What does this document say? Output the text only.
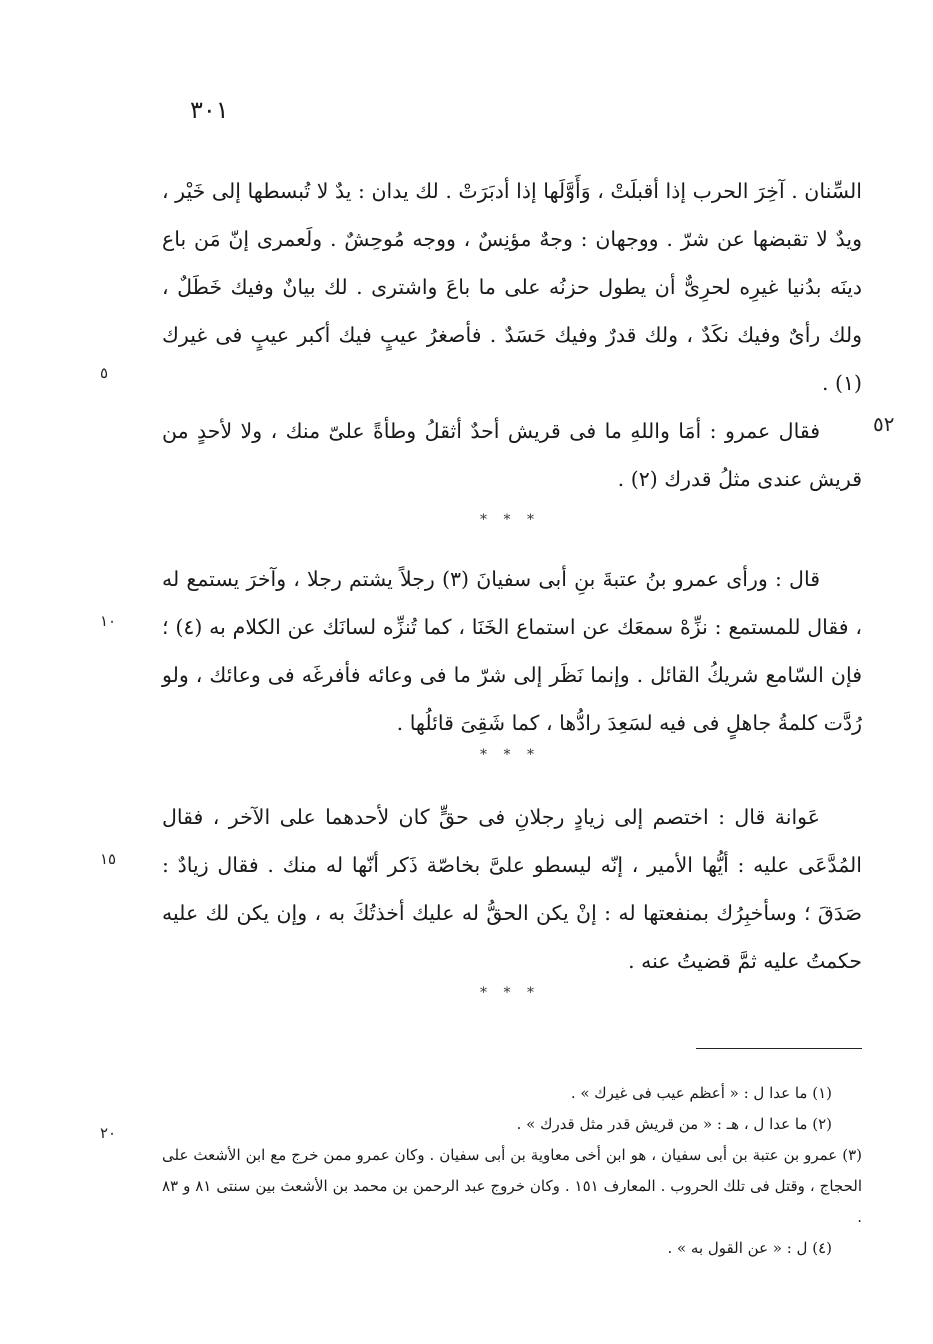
٣٠١

السِّنان . آخِرَ الحرب إذا أقبلَتْ ، وَأَوَّلَها إذا أدبَرَتْ . لك يدان : يدٌ لا تُبسطها إلى خَيْر ، ويدٌ لا تقبضها عن شرّ . ووجهان : وجهٌ مؤنِسٌ ، ووجه مُوحِشٌ . ولَعمرى إنّ مَن باع دينَه بدُنيا غيرِه لحرِىٌّ أن يطول حزنُه على ما باعَ واشترى . لك بيانٌ وفيك خَطَلٌ ، ولك رأىٌ وفيك نكَدٌ ، ولك قدرٌ وفيك حَسَدٌ . فأصغرُ عيبٍ فيك أكبر عيبٍ فى غيرك (١) .

فقال عمرو : أمَا واللهِ ما فى قريش أحدٌ أثقلُ وطأةً علىّ منك ، ولا لأحدٍ من قريش عندى مثلُ قدرك (٢) .

* * *

قال : ورأى عمرو بنُ عتبةَ بنِ أبى سفيانَ (٣) رجلاً يشتم رجلا ، وآخرَ يستمع له ، فقال للمستمع : نزِّهْ سمعَك عن استماع الخَنَا ، كما تُنزِّه لسانَك عن الكلام به (٤) ؛ فإن السّامع شريكُ القائل . وإنما نَظَر إلى شرّ ما فى وعائه فأفرغَه فى وعائك ، ولو رُدَّت كلمةُ جاهلٍ فى فيه لسَعِدَ رادُّها ، كما شَقِىَ قائلُها .

* * *

عَوانة قال : اختصم إلى زيادٍ رجلانِ فى حقٍّ كان لأحدهما على الآخر ، فقال المُدَّعَى عليه : أيُّها الأمير ، إنّه ليسطو علىَّ بخاصّة ذَكر أنّها له منك . فقال زيادٌ : صَدَقَ ؛ وسأخبِرُك بمنفعتها له : إنْ يكن الحقُّ له عليك أخذتُكَ به ، وإن يكن لك عليه حكمتُ عليه ثمَّ قضيتُ عنه .

* * *
٥
٥٢
١٠
١٥
٢٠

(١) ما عدا ل : « أعظم عيب فى غيرك » .

(٢) ما عدا ل ، هـ : « من قريش قدر مثل قدرك » .

(٣) عمرو بن عتبة بن أبى سفيان ، هو ابن أخى معاوية بن أبى سفيان . وكان عمرو ممن خرج مع ابن الأشعث على الحجاج ، وقتل فى تلك الحروب . المعارف ١٥١ . وكان خروج عبد الرحمن بن محمد بن الأشعث بين سنتى ٨١ و ٨٣ .

(٤) ل : « عن القول به » .
